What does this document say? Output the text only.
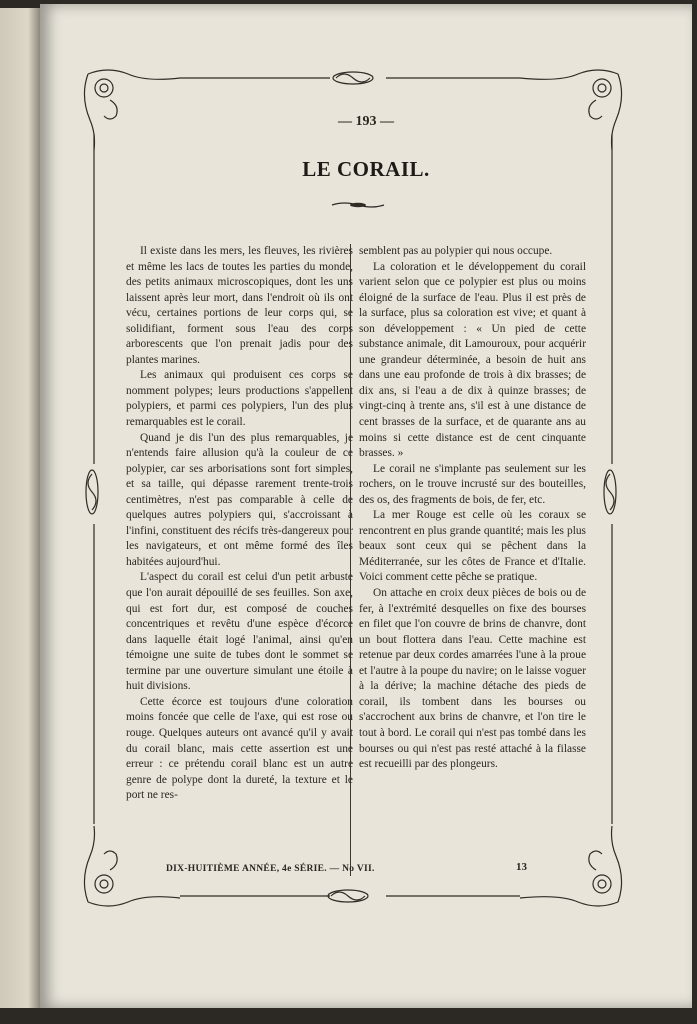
— 193 —
LE CORAIL.

Il existe dans les mers, les fleuves, les rivières et même les lacs de toutes les parties du monde, des petits animaux microscopiques, dont les uns laissent après leur mort, dans l'endroit où ils ont vécu, certaines portions de leur corps qui, se solidifiant, forment sous l'eau des corps arborescents que l'on prenait jadis pour des plantes marines.

Les animaux qui produisent ces corps se nomment polypes; leurs productions s'appellent polypiers, et parmi ces polypiers, l'un des plus remarquables est le corail.

Quand je dis l'un des plus remarquables, je n'entends faire allusion qu'à la couleur de ce polypier, car ses arborisations sont fort simples, et sa taille, qui dépasse rarement trente-trois centimètres, n'est pas comparable à celle de quelques autres polypiers qui, s'accroissant à l'infini, constituent des récifs très-dangereux pour les navigateurs, et ont même formé des îles habitées aujourd'hui.

L'aspect du corail est celui d'un petit arbuste que l'on aurait dépouillé de ses feuilles. Son axe, qui est fort dur, est composé de couches concentriques et revêtu d'une espèce d'écorce dans laquelle était logé l'animal, ainsi qu'en témoigne une suite de tubes dont le sommet se termine par une ouverture simulant une étoile à huit divisions.

Cette écorce est toujours d'une coloration moins foncée que celle de l'axe, qui est rose ou rouge. Quelques auteurs ont avancé qu'il y avait du corail blanc, mais cette assertion est une erreur : ce prétendu corail blanc est un autre genre de polype dont la dureté, la texture et le port ne res-

semblent pas au polypier qui nous occupe.

La coloration et le développement du corail varient selon que ce polypier est plus ou moins éloigné de la surface de l'eau. Plus il est près de la surface, plus sa coloration est vive; et quant à son développement : « Un pied de cette substance animale, dit Lamouroux, pour acquérir une grandeur déterminée, a besoin de huit ans dans une eau profonde de trois à dix brasses; de dix ans, si l'eau a de dix à quinze brasses; de vingt-cinq à trente ans, s'il est à une distance de cent brasses de la surface, et de quarante ans au moins si cette distance est de cent cinquante brasses. »

Le corail ne s'implante pas seulement sur les rochers, on le trouve incrusté sur des bouteilles, des os, des fragments de bois, de fer, etc.

La mer Rouge est celle où les coraux se rencontrent en plus grande quantité; mais les plus beaux sont ceux qui se pêchent dans la Méditerranée, sur les côtes de France et d'Italie. Voici comment cette pêche se pratique.

On attache en croix deux pièces de bois ou de fer, à l'extrémité desquelles on fixe des bourses en filet que l'on couvre de brins de chanvre, dont un bout flottera dans l'eau. Cette machine est retenue par deux cordes amarrées l'une à la proue et l'autre à la poupe du navire; on le laisse voguer à la dérive; la machine détache des pieds de corail, ils tombent dans les bourses ou s'accrochent aux brins de chanvre, et l'on tire le tout à bord. Le corail qui n'est pas tombé dans les bourses ou qui n'est pas resté attaché à la filasse est recueilli par des plongeurs.

DIX-HUITIÈME ANNÉE, 4e SÉRIE. — No VII.	13
